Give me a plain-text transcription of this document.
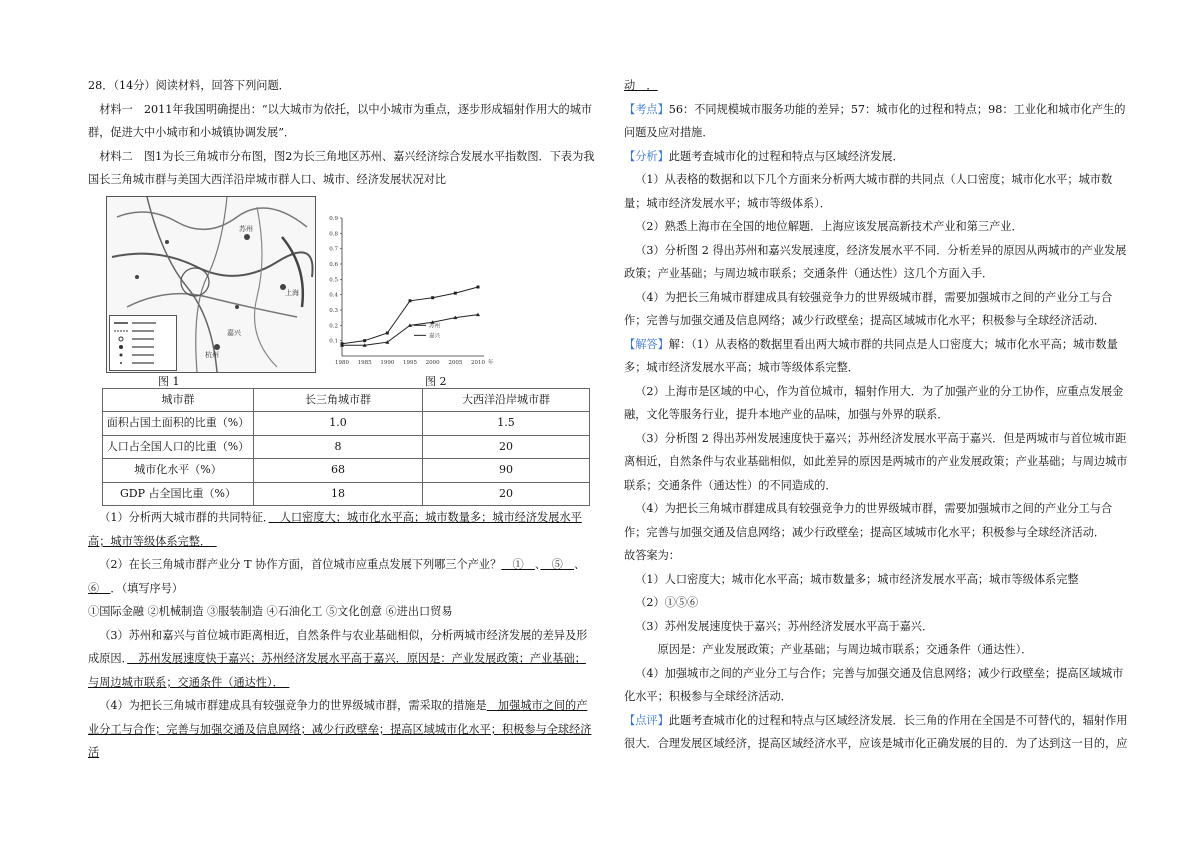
28．（14分）阅读材料，回答下列问题．

材料一　2011年我国明确提出：“以大城市为依托，以中小城市为重点，逐步形成辐射作用大的城市群，促进大中小城市和小城镇协调发展”．

材料二　图1为长三角城市分布图，图2为长三角地区苏州、嘉兴经济综合发展水平指数图．下表为我国长三角城市群与美国大西洋沿岸城市群人口、城市、经济发展状况对比

苏州
嘉兴
上海
杭州
图 1
0.1
0.2
0.3
0.4
0.5
0.6
0.7
0.8
0.9
1980 1985 1990 1995 2000 2005 2010 年
苏州
嘉兴
图 2
城市群	长三角城市群	大西洋沿岸城市群
面积占国土面积的比重（%）	1.0	1.5
人口占全国人口的比重（%）	8	20
城市化水平（%）	68	90
GDP 占全国比重（%）	18	20

（1）分析两大城市群的共同特征．　人口密度大；城市化水平高；城市数量多；城市经济发展水平高；城市等级体系完整．　

（2）在长三角城市群产业分 T 协作方面，首位城市应重点发展下列哪三个产业？　①　、　⑤　、⑥　．（填写序号）

①国际金融 ②机械制造 ③服装制造 ④石油化工 ⑤文化创意 ⑥进出口贸易

（3）苏州和嘉兴与首位城市距离相近，自然条件与农业基础相似，分析两城市经济发展的差异及形成原因．　苏州发展速度快于嘉兴；苏州经济发展水平高于嘉兴．原因是：产业发展政策；产业基础；与周边城市联系；交通条件（通达性）．　

（4）为把长三角城市群建成具有较强竞争力的世界级城市群，需采取的措施是　加强城市之间的产业分工与合作；完善与加强交通及信息网络；减少行政壁垒；提高区域城市化水平；积极参与全球经济活

动　．

【考点】56：不同规模城市服务功能的差异；57：城市化的过程和特点；98：工业化和城市化产生的问题及应对措施．

【分析】此题考查城市化的过程和特点与区域经济发展．

（1）从表格的数据和以下几个方面来分析两大城市群的共同点（人口密度；城市化水平；城市数量；城市经济发展水平；城市等级体系）．

（2）熟悉上海市在全国的地位解题．上海应该发展高新技术产业和第三产业．

（3）分析图 2 得出苏州和嘉兴发展速度，经济发展水平不同．分析差异的原因从两城市的产业发展政策；产业基础；与周边城市联系；交通条件（通达性）这几个方面入手．

（4）为把长三角城市群建成具有较强竞争力的世界级城市群，需要加强城市之间的产业分工与合作；完善与加强交通及信息网络；减少行政壁垒；提高区域城市化水平；积极参与全球经济活动．

【解答】解：（1）从表格的数据里看出两大城市群的共同点是人口密度大；城市化水平高；城市数量多；城市经济发展水平高；城市等级体系完整．

（2）上海市是区域的中心，作为首位城市，辐射作用大．为了加强产业的分工协作，应重点发展金融，文化等服务行业，提升本地产业的品味，加强与外界的联系．

（3）分析图 2 得出苏州发展速度快于嘉兴；苏州经济发展水平高于嘉兴．但是两城市与首位城市距离相近，自然条件与农业基础相似，如此差异的原因是两城市的产业发展政策；产业基础；与周边城市联系；交通条件（通达性）的不同造成的．

（4）为把长三角城市群建成具有较强竞争力的世界级城市群，需要加强城市之间的产业分工与合作；完善与加强交通及信息网络；减少行政壁垒；提高区域城市化水平；积极参与全球经济活动．

故答案为：

（1）人口密度大；城市化水平高；城市数量多；城市经济发展水平高；城市等级体系完整

（2）①⑤⑥

（3）苏州发展速度快于嘉兴；苏州经济发展水平高于嘉兴．

原因是：产业发展政策；产业基础；与周边城市联系；交通条件（通达性）．

（4）加强城市之间的产业分工与合作；完善与加强交通及信息网络；减少行政壁垒；提高区域城市化水平；积极参与全球经济活动．

【点评】此题考查城市化的过程和特点与区域经济发展．长三角的作用在全国是不可替代的，辐射作用很大．合理发展区域经济，提高区域经济水平，应该是城市化正确发展的目的．为了达到这一目的，应
